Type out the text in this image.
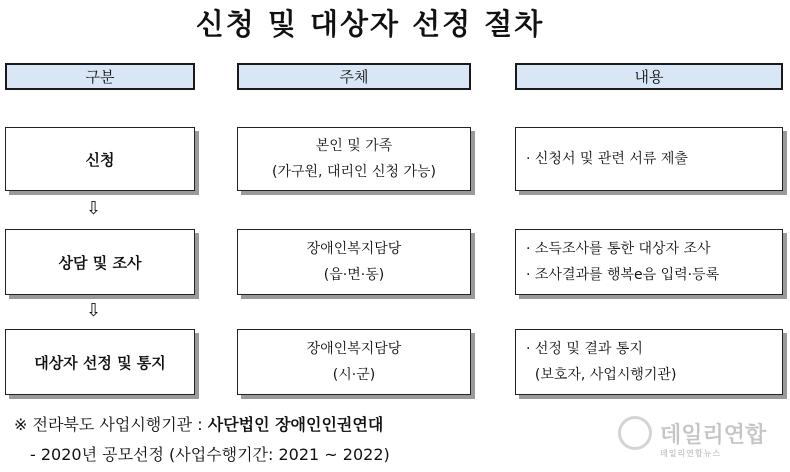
신청 및 대상자 선정 절차
구분	주체	내용
신청
본인 및 가족
(가구원, 대리인 신청 가능)
· 신청서 및 관련 서류 제출
⇩
상담 및 조사
장애인복지담당
(읍·면·동)
· 소득조사를 통한 대상자 조사
· 조사결과를 행복e음 입력·등록
⇩
대상자 선정 및 통지
장애인복지담당
(시·군)
· 선정 및 결과 통지
(보호자, 사업시행기관)
※ 전라북도 사업시행기관 : 사단법인 장애인인권연대
- 2020년 공모선정 (사업수행기간: 2021 ~ 2022)
데일리연합
데일리연합뉴스
